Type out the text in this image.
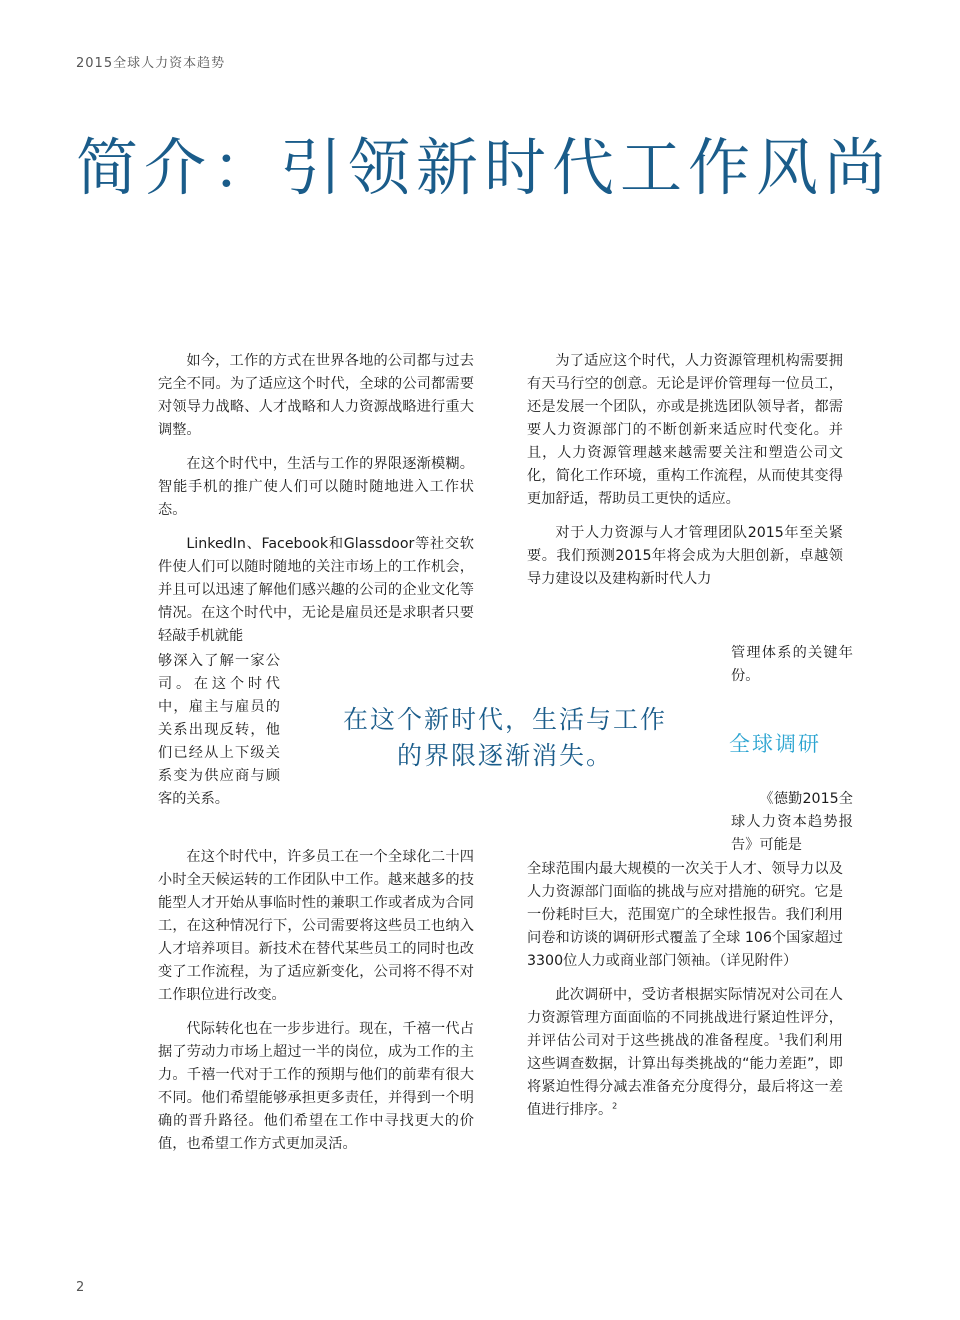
2015全球人力资本趋势
简介：引领新时代工作风尚

如今，工作的方式在世界各地的公司都与过去完全不同。为了适应这个时代，全球的公司都需要对领导力战略、人才战略和人力资源战略进行重大调整。

在这个时代中，生活与工作的界限逐渐模糊。智能手机的推广使人们可以随时随地进入工作状态。

LinkedIn、Facebook和Glassdoor等社交软件使人们可以随时随地的关注市场上的工作机会，并且可以迅速了解他们感兴趣的公司的企业文化等情况。在这个时代中，无论是雇员还是求职者只要轻敲手机就能

够深入了解一家公司。在这个时代中，雇主与雇员的关系出现反转，他们已经从上下级关系变为供应商与顾客的关系。

在这个时代中，许多员工在一个全球化二十四小时全天候运转的工作团队中工作。越来越多的技能型人才开始从事临时性的兼职工作或者成为合同工，在这种情况行下，公司需要将这些员工也纳入人才培养项目。新技术在替代某些员工的同时也改变了工作流程，为了适应新变化，公司将不得不对工作职位进行改变。

代际转化也在一步步进行。现在，千禧一代占据了劳动力市场上超过一半的岗位，成为工作的主力。千禧一代对于工作的预期与他们的前辈有很大不同。他们希望能够承担更多责任，并得到一个明确的晋升路径。他们希望在工作中寻找更大的价值，也希望工作方式更加灵活。

为了适应这个时代，人力资源管理机构需要拥有天马行空的创意。无论是评价管理每一位员工，还是发展一个团队，亦或是挑选团队领导者，都需要人力资源部门的不断创新来适应时代变化。并且，人力资源管理越来越需要关注和塑造公司文化，简化工作环境，重构工作流程，从而使其变得更加舒适，帮助员工更快的适应。

对于人力资源与人才管理团队2015年至关紧要。我们预测2015年将会成为大胆创新，卓越领导力建设以及建构新时代人力

管理体系的关键年份。
全球调研
《德勤2015全球人力资本趋势报告》可能是

全球范围内最大规模的一次关于人才、领导力以及人力资源部门面临的挑战与应对措施的研究。它是一份耗时巨大，范围宽广的全球性报告。我们利用问卷和访谈的调研形式覆盖了全球 106个国家超过3300位人力或商业部门领袖。（详见附件）

此次调研中，受访者根据实际情况对公司在人力资源管理方面面临的不同挑战进行紧迫性评分，并评估公司对于这些挑战的准备程度。$^1$我们利用这些调查数据，计算出每类挑战的“能力差距”，即将紧迫性得分减去准备充分度得分，最后将这一差值进行排序。$^2$

在这个新时代，生活与工作
的界限逐渐消失。
2
